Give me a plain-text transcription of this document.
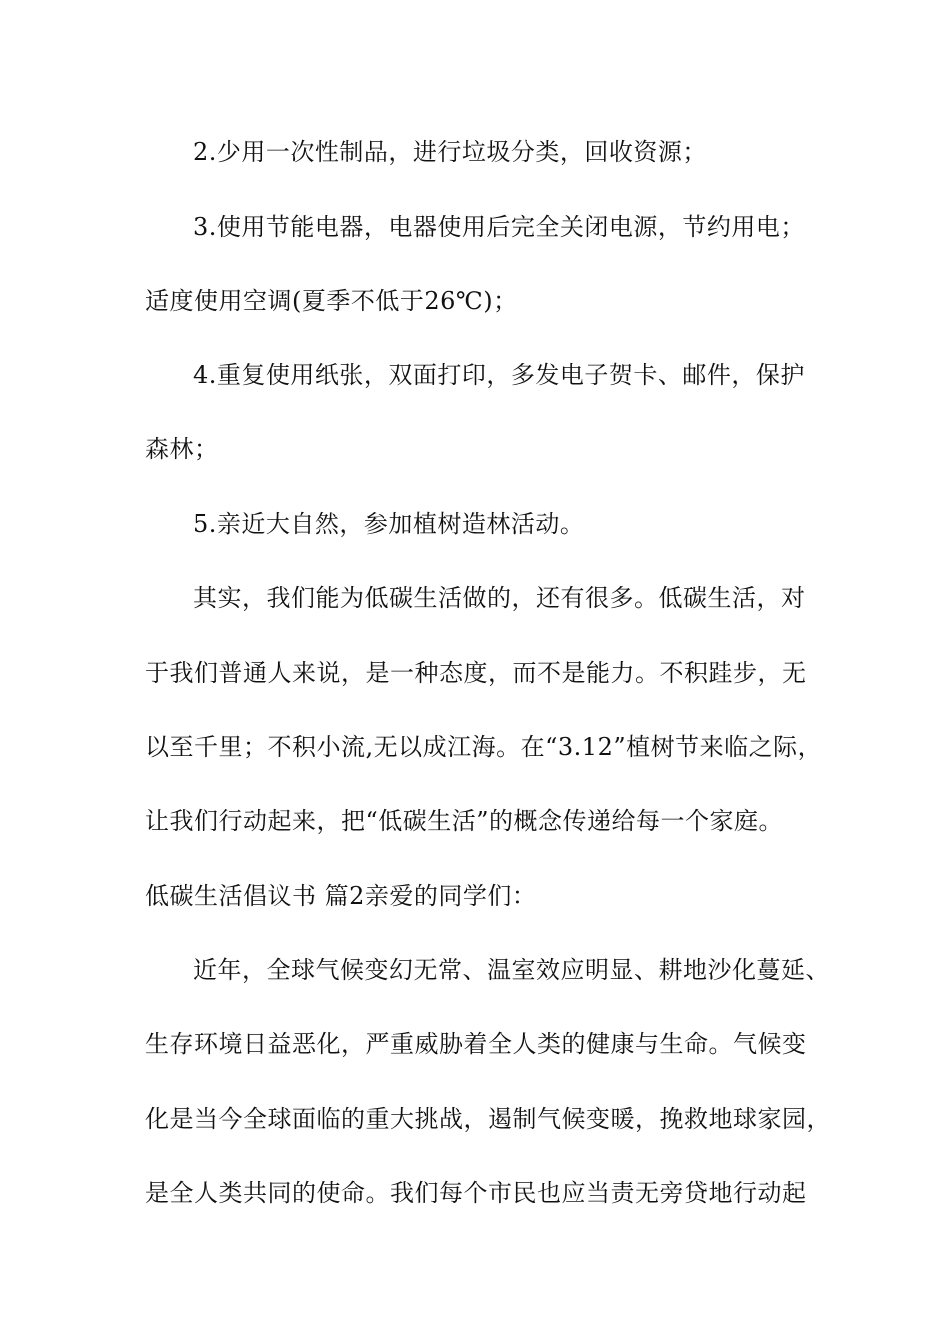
2.少用一次性制品，进行垃圾分类，回收资源；
3.使用节能电器，电器使用后完全关闭电源，节约用电；
适度使用空调(夏季不低于26℃)；
4.重复使用纸张，双面打印，多发电子贺卡、邮件，保护
森林；
5.亲近大自然，参加植树造林活动。
其实，我们能为低碳生活做的，还有很多。低碳生活，对
于我们普通人来说，是一种态度，而不是能力。不积跬步，无
以至千里；不积小流,无以成江海。在“3.12”植树节来临之际，
让我们行动起来，把“低碳生活”的概念传递给每一个家庭。
低碳生活倡议书 篇2亲爱的同学们：
近年，全球气候变幻无常、温室效应明显、耕地沙化蔓延、
生存环境日益恶化，严重威胁着全人类的健康与生命。气候变
化是当今全球面临的重大挑战，遏制气候变暖，挽救地球家园，
是全人类共同的使命。我们每个市民也应当责无旁贷地行动起
